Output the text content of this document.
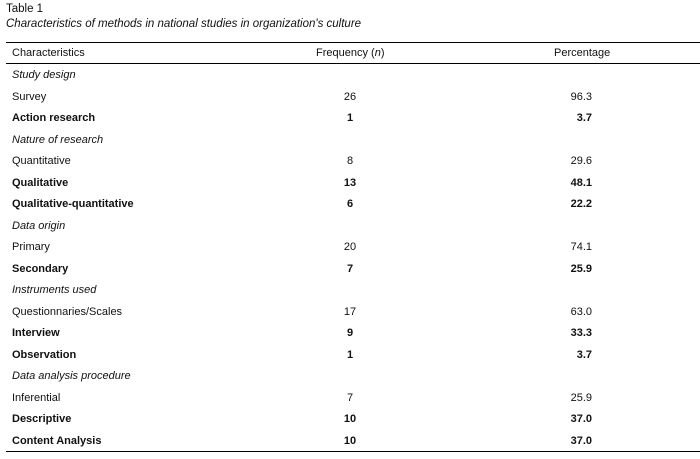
Table 1
Characteristics of methods in national studies in organization's culture
Characteristics	Frequency (n)	Percentage
Study design
Survey	26	96.3
Action research	1	3.7
Nature of research
Quantitative	8	29.6
Qualitative	13	48.1
Qualitative-quantitative	6	22.2
Data origin
Primary	20	74.1
Secondary	7	25.9
Instruments used
Questionnaries/Scales	17	63.0
Interview	9	33.3
Observation	1	3.7
Data analysis procedure
Inferential	7	25.9
Descriptive	10	37.0
Content Analysis	10	37.0
